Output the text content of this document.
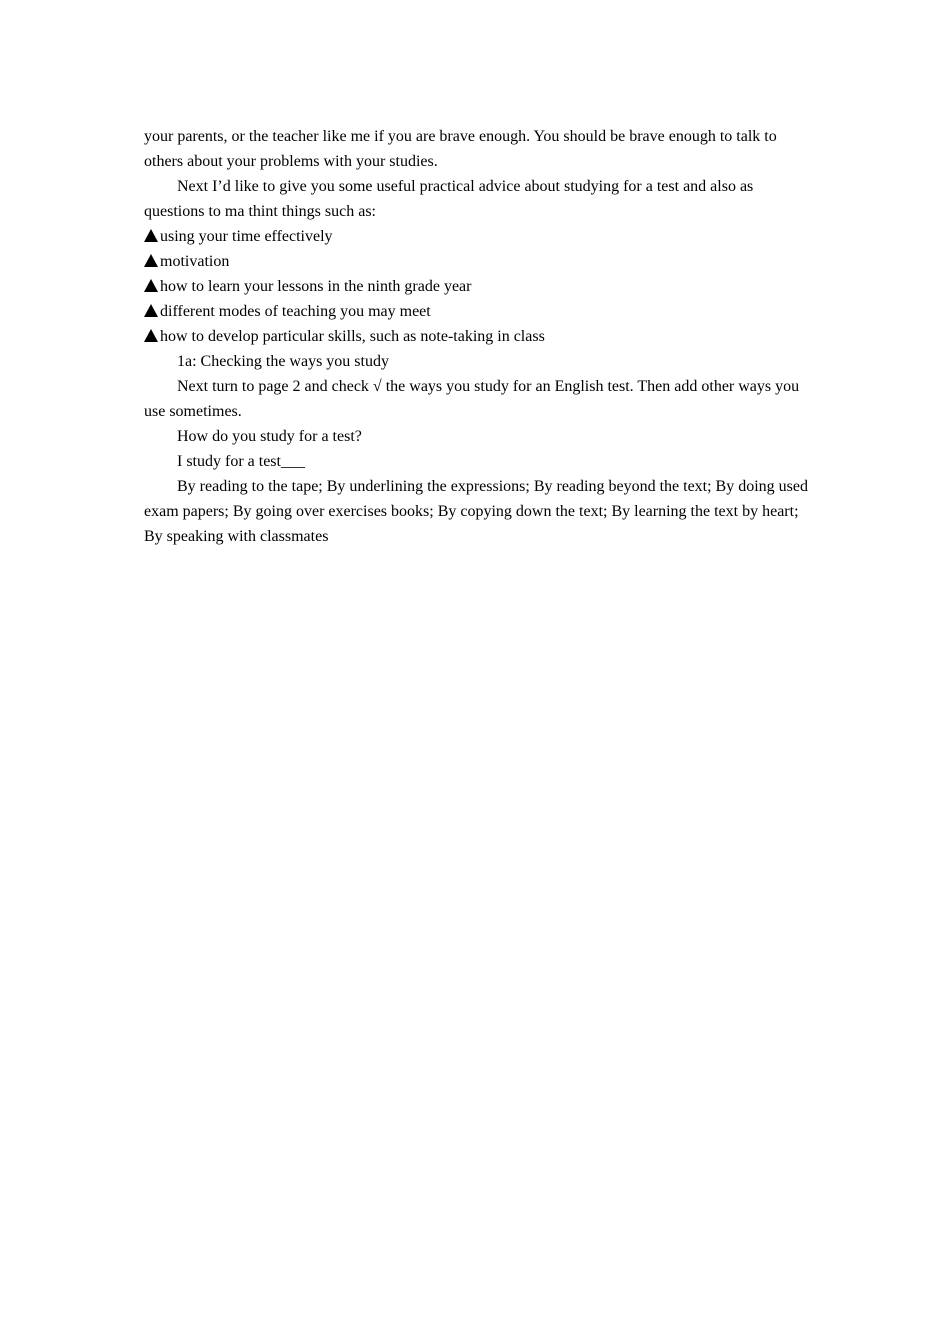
your parents, or the teacher like me if you are brave enough. You should be brave enough to talk to others about your problems with your studies.

Next I’d like to give you some useful practical advice about studying for a test and also as questions to ma thint things such as:

using your time effectively

motivation

how to learn your lessons in the ninth grade year

different modes of teaching you may meet

how to develop particular skills, such as note-taking in class

1a: Checking the ways you study

Next turn to page 2 and check √ the ways you study for an English test. Then add other ways you use sometimes.

How do you study for a test?

I study for a test___

By reading to the tape; By underlining the expressions; By reading beyond the text; By doing used exam papers; By going over exercises books; By copying down the text; By learning the text by heart; By speaking with classmates
